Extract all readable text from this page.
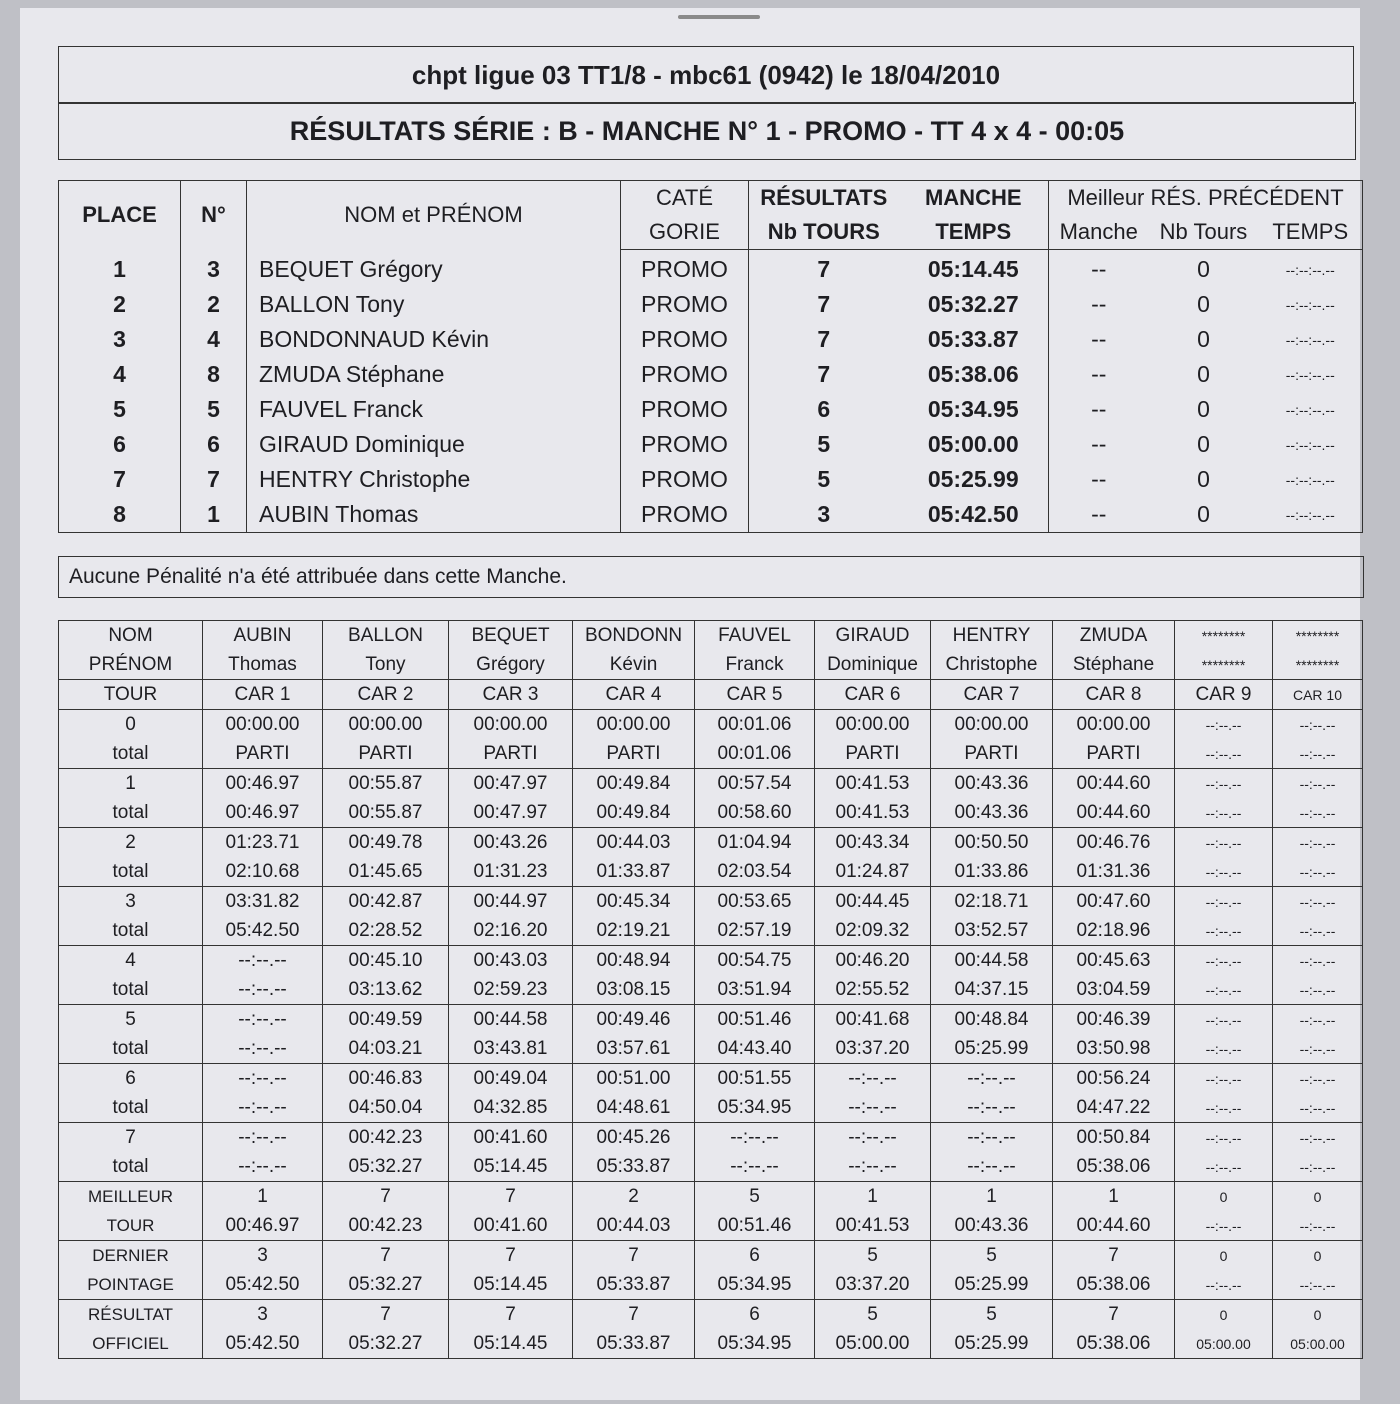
chpt ligue 03 TT1/8 - mbc61 (0942) le 18/04/2010
RÉSULTATS SÉRIE : B - MANCHE N° 1 - PROMO - TT 4 x 4 - 00:05
PLACE	N°	NOM et PRÉNOM	CATÉ	RÉSULTATS	MANCHE	Meilleur RÉS. PRÉCÉDENT		
			GORIE	Nb TOURS	TEMPS	Manche	Nb Tours	TEMPS
1	3	BEQUET Grégory	PROMO	7	05:14.45	--	0	--:--:--.--
2	2	BALLON Tony	PROMO	7	05:32.27	--	0	--:--:--.--
3	4	BONDONNAUD Kévin	PROMO	7	05:33.87	--	0	--:--:--.--
4	8	ZMUDA Stéphane	PROMO	7	05:38.06	--	0	--:--:--.--
5	5	FAUVEL Franck	PROMO	6	05:34.95	--	0	--:--:--.--
6	6	GIRAUD Dominique	PROMO	5	05:00.00	--	0	--:--:--.--
7	7	HENTRY Christophe	PROMO	5	05:25.99	--	0	--:--:--.--
8	1	AUBIN Thomas	PROMO	3	05:42.50	--	0	--:--:--.--
Aucune Pénalité n'a été attribuée dans cette Manche.
NOM	AUBIN	BALLON	BEQUET	BONDONN	FAUVEL	GIRAUD	HENTRY	ZMUDA	********	********
PRÉNOM	Thomas	Tony	Grégory	Kévin	Franck	Dominique	Christophe	Stéphane	********	********
TOUR	CAR 1	CAR 2	CAR 3	CAR 4	CAR 5	CAR 6	CAR 7	CAR 8	CAR 9	CAR 10
0	00:00.00	00:00.00	00:00.00	00:00.00	00:01.06	00:00.00	00:00.00	00:00.00	--:--.--	--:--.--
total	PARTI	PARTI	PARTI	PARTI	00:01.06	PARTI	PARTI	PARTI	--:--.--	--:--.--
1	00:46.97	00:55.87	00:47.97	00:49.84	00:57.54	00:41.53	00:43.36	00:44.60	--:--.--	--:--.--
total	00:46.97	00:55.87	00:47.97	00:49.84	00:58.60	00:41.53	00:43.36	00:44.60	--:--.--	--:--.--
2	01:23.71	00:49.78	00:43.26	00:44.03	01:04.94	00:43.34	00:50.50	00:46.76	--:--.--	--:--.--
total	02:10.68	01:45.65	01:31.23	01:33.87	02:03.54	01:24.87	01:33.86	01:31.36	--:--.--	--:--.--
3	03:31.82	00:42.87	00:44.97	00:45.34	00:53.65	00:44.45	02:18.71	00:47.60	--:--.--	--:--.--
total	05:42.50	02:28.52	02:16.20	02:19.21	02:57.19	02:09.32	03:52.57	02:18.96	--:--.--	--:--.--
4	--:--.--	00:45.10	00:43.03	00:48.94	00:54.75	00:46.20	00:44.58	00:45.63	--:--.--	--:--.--
total	--:--.--	03:13.62	02:59.23	03:08.15	03:51.94	02:55.52	04:37.15	03:04.59	--:--.--	--:--.--
5	--:--.--	00:49.59	00:44.58	00:49.46	00:51.46	00:41.68	00:48.84	00:46.39	--:--.--	--:--.--
total	--:--.--	04:03.21	03:43.81	03:57.61	04:43.40	03:37.20	05:25.99	03:50.98	--:--.--	--:--.--
6	--:--.--	00:46.83	00:49.04	00:51.00	00:51.55	--:--.--	--:--.--	00:56.24	--:--.--	--:--.--
total	--:--.--	04:50.04	04:32.85	04:48.61	05:34.95	--:--.--	--:--.--	04:47.22	--:--.--	--:--.--
7	--:--.--	00:42.23	00:41.60	00:45.26	--:--.--	--:--.--	--:--.--	00:50.84	--:--.--	--:--.--
total	--:--.--	05:32.27	05:14.45	05:33.87	--:--.--	--:--.--	--:--.--	05:38.06	--:--.--	--:--.--
MEILLEUR	1	7	7	2	5	1	1	1	0	0
TOUR	00:46.97	00:42.23	00:41.60	00:44.03	00:51.46	00:41.53	00:43.36	00:44.60	--:--.--	--:--.--
DERNIER	3	7	7	7	6	5	5	7	0	0
POINTAGE	05:42.50	05:32.27	05:14.45	05:33.87	05:34.95	03:37.20	05:25.99	05:38.06	--:--.--	--:--.--
RÉSULTAT	3	7	7	7	6	5	5	7	0	0
OFFICIEL	05:42.50	05:32.27	05:14.45	05:33.87	05:34.95	05:00.00	05:25.99	05:38.06	05:00.00	05:00.00
